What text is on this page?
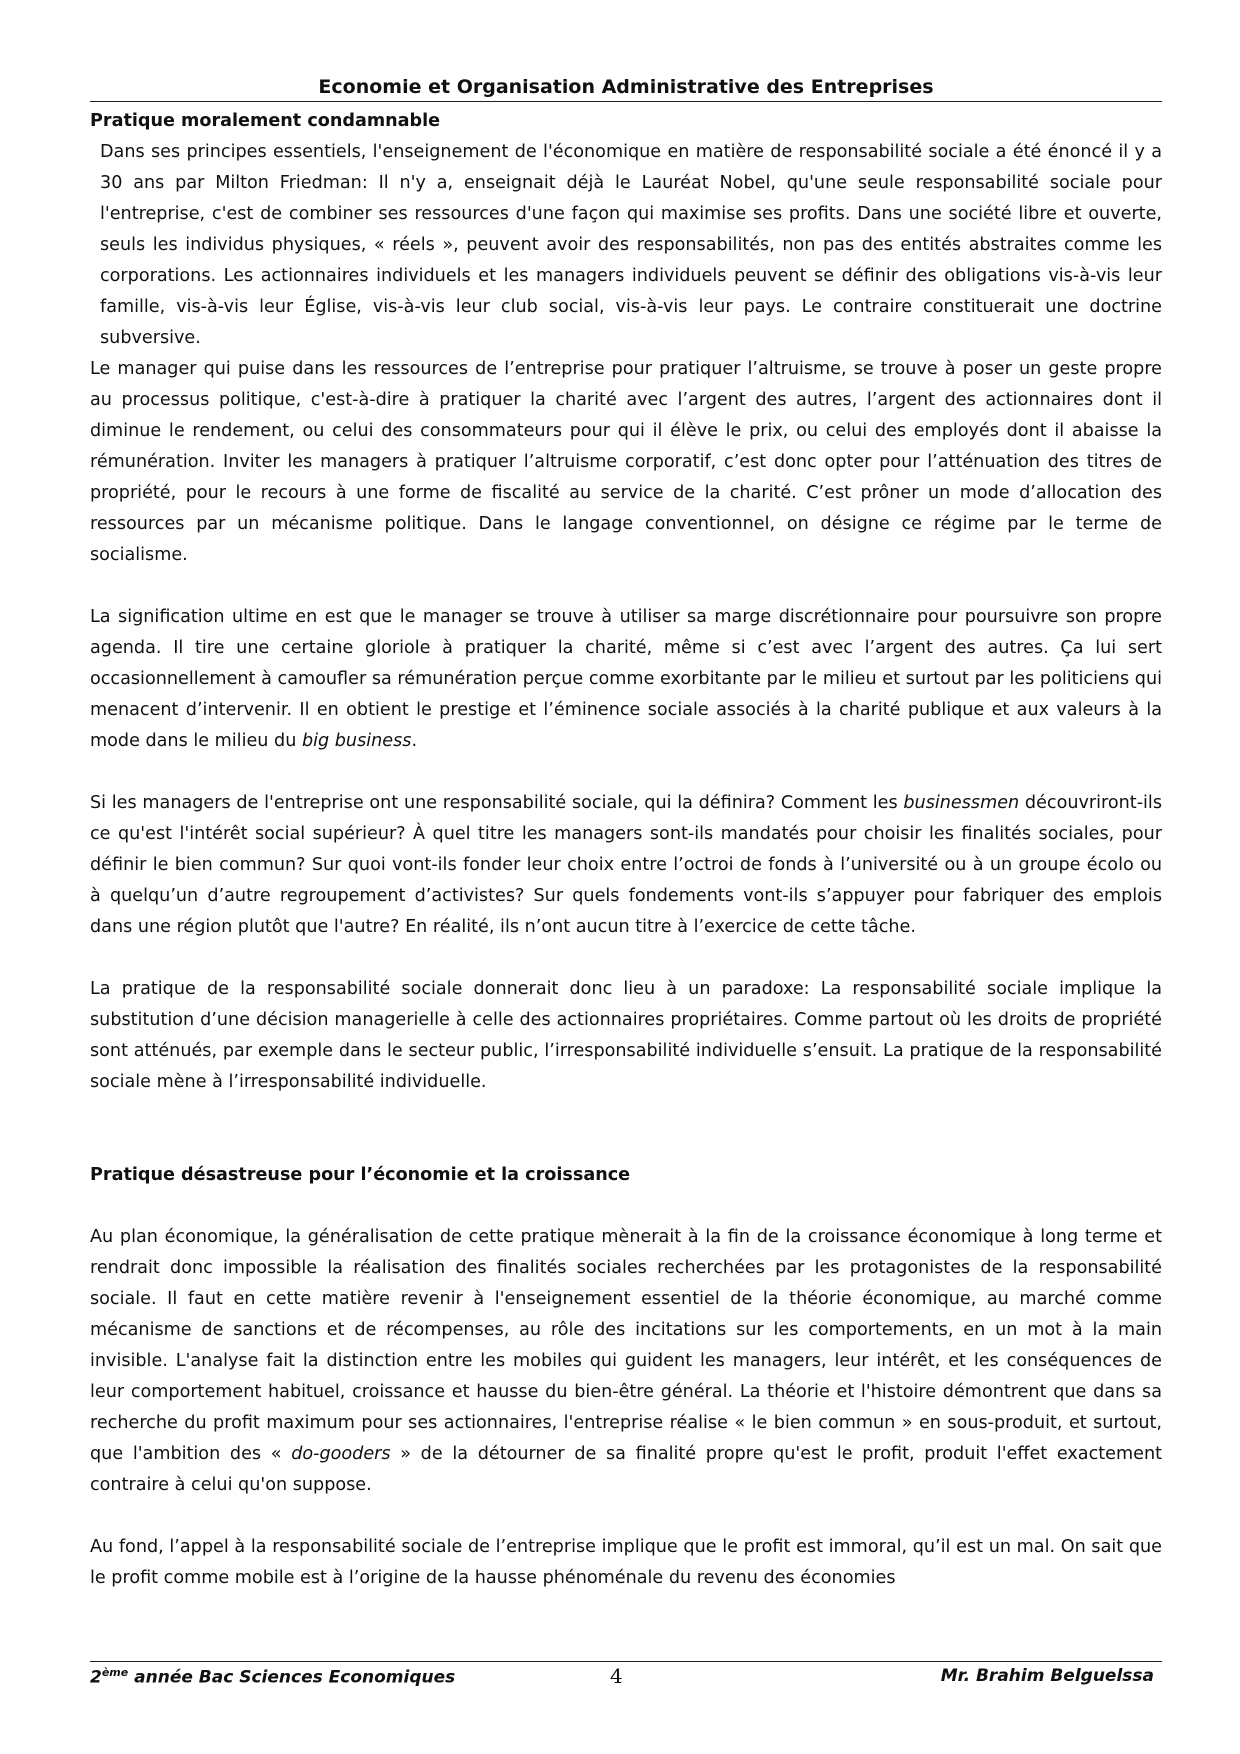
Economie et Organisation Administrative des Entreprises

Pratique moralement condamnable

Dans ses principes essentiels, l'enseignement de l'économique en matière de responsabilité sociale a été énoncé il y a 30 ans par Milton Friedman: Il n'y a, enseignait déjà le Lauréat Nobel, qu'une seule responsabilité sociale pour l'entreprise, c'est de combiner ses ressources d'une façon qui maximise ses profits. Dans une société libre et ouverte, seuls les individus physiques, « réels », peuvent avoir des responsabilités, non pas des entités abstraites comme les corporations. Les actionnaires individuels et les managers individuels peuvent se définir des obligations vis-à-vis leur famille, vis-à-vis leur Église, vis-à-vis leur club social, vis-à-vis leur pays. Le contraire constituerait une doctrine subversive.

Le manager qui puise dans les ressources de l’entreprise pour pratiquer l’altruisme, se trouve à poser un geste propre au processus politique, c'est-à-dire à pratiquer la charité avec l’argent des autres, l’argent des actionnaires dont il diminue le rendement, ou celui des consommateurs pour qui il élève le prix, ou celui des employés dont il abaisse la rémunération. Inviter les managers à pratiquer l’altruisme corporatif, c’est donc opter pour l’atténuation des titres de propriété, pour le recours à une forme de fiscalité au service de la charité. C’est prôner un mode d’allocation des ressources par un mécanisme politique. Dans le langage conventionnel, on désigne ce régime par le terme de socialisme.

La signification ultime en est que le manager se trouve à utiliser sa marge discrétionnaire pour poursuivre son propre agenda. Il tire une certaine gloriole à pratiquer la charité, même si c’est avec l’argent des autres. Ça lui sert occasionnellement à camoufler sa rémunération perçue comme exorbitante par le milieu et surtout par les politiciens qui menacent d’intervenir. Il en obtient le prestige et l’éminence sociale associés à la charité publique et aux valeurs à la mode dans le milieu du big business.

Si les managers de l'entreprise ont une responsabilité sociale, qui la définira? Comment les businessmen découvriront-ils ce qu'est l'intérêt social supérieur? À quel titre les managers sont-ils mandatés pour choisir les finalités sociales, pour définir le bien commun? Sur quoi vont-ils fonder leur choix entre l’octroi de fonds à l’université ou à un groupe écolo ou à quelqu’un d’autre regroupement d’activistes? Sur quels fondements vont-ils s’appuyer pour fabriquer des emplois dans une région plutôt que l'autre? En réalité, ils n’ont aucun titre à l’exercice de cette tâche.

La pratique de la responsabilité sociale donnerait donc lieu à un paradoxe: La responsabilité sociale implique la substitution d’une décision managerielle à celle des actionnaires propriétaires. Comme partout où les droits de propriété sont atténués, par exemple dans le secteur public, l’irresponsabilité individuelle s’ensuit. La pratique de la responsabilité sociale mène à l’irresponsabilité individuelle.

Pratique désastreuse pour l’économie et la croissance

Au plan économique, la généralisation de cette pratique mènerait à la fin de la croissance économique à long terme et rendrait donc impossible la réalisation des finalités sociales recherchées par les protagonistes de la responsabilité sociale. Il faut en cette matière revenir à l'enseignement essentiel de la théorie économique, au marché comme mécanisme de sanctions et de récompenses, au rôle des incitations sur les comportements, en un mot à la main invisible. L'analyse fait la distinction entre les mobiles qui guident les managers, leur intérêt, et les conséquences de leur comportement habituel, croissance et hausse du bien-être général. La théorie et l'histoire démontrent que dans sa recherche du profit maximum pour ses actionnaires, l'entreprise réalise « le bien commun » en sous-produit, et surtout, que l'ambition des « do-gooders » de la détourner de sa finalité propre qu'est le profit, produit l'effet exactement contraire à celui qu'on suppose.

Au fond, l’appel à la responsabilité sociale de l’entreprise implique que le profit est immoral, qu’il est un mal. On sait que le profit comme mobile est à l’origine de la hausse phénoménale du revenu des économies

2ème année Bac Sciences Economiques	4	Mr. Brahim Belguelssa
